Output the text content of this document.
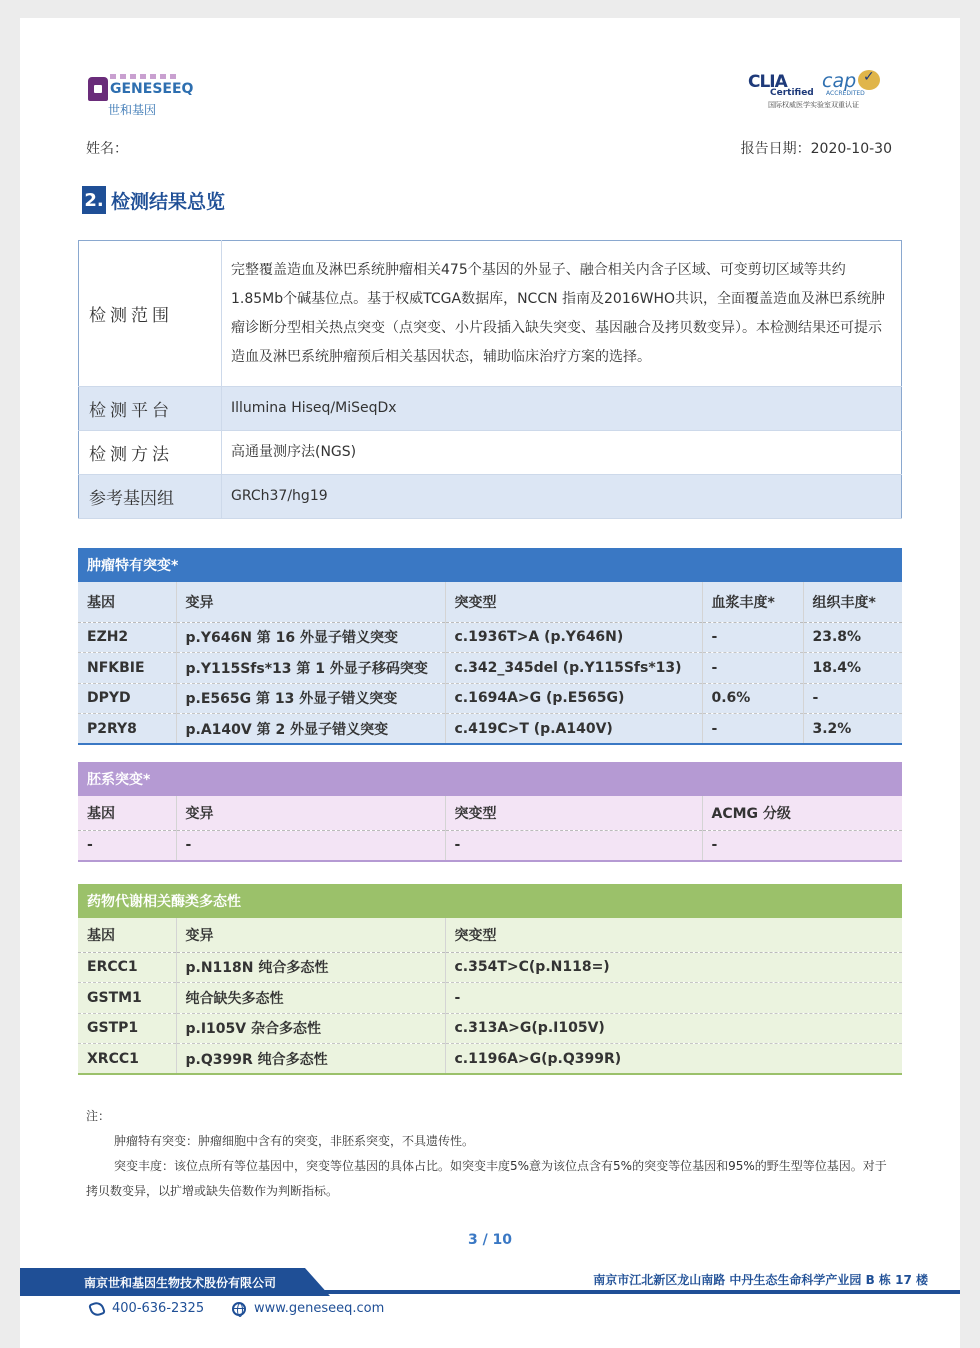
GENESEEQ
世和基因
CLIA
Certified
cap
✓
ACCREDITED
国际权威医学实验室双重认证
姓名：	报告日期：2020-10-30
2. 检测结果总览
检测范围	完整覆盖造血及淋巴系统肿瘤相关475个基因的外显子、融合相关内含子区域、可变剪切区域等共约1.85Mb个碱基位点。基于权威TCGA数据库，NCCN 指南及2016WHO共识，全面覆盖造血及淋巴系统肿瘤诊断分型相关热点突变（点突变、小片段插入缺失突变、基因融合及拷贝数变异）。本检测结果还可提示造血及淋巴系统肿瘤预后相关基因状态，辅助临床治疗方案的选择。
检测平台	Illumina Hiseq/MiSeqDx
检测方法	高通量测序法(NGS)
参考基因组	GRCh37/hg19
肿瘤特有突变*				
基因	变异	突变型	血浆丰度*	组织丰度*
EZH2	p.Y646N 第 16 外显子错义突变	c.1936T>A (p.Y646N)	-	23.8%
NFKBIE	p.Y115Sfs*13 第 1 外显子移码突变	c.342_345del (p.Y115Sfs*13)	-	18.4%
DPYD	p.E565G 第 13 外显子错义突变	c.1694A>G (p.E565G)	0.6%	-
P2RY8	p.A140V 第 2 外显子错义突变	c.419C>T (p.A140V)	-	3.2%
胚系突变*			
基因	变异	突变型	ACMG 分级
-	-	-	-
药物代谢相关酶类多态性		
基因	变异	突变型
ERCC1	p.N118N 纯合多态性	c.354T>C(p.N118=)
GSTM1	纯合缺失多态性	-
GSTP1	p.I105V 杂合多态性	c.313A>G(p.I105V)
XRCC1	p.Q399R 纯合多态性	c.1196A>G(p.Q399R)
注：
肿瘤特有突变：肿瘤细胞中含有的突变，非胚系突变，不具遗传性。
突变丰度：该位点所有等位基因中，突变等位基因的具体占比。如突变丰度5%意为该位点含有5%的突变等位基因和95%的野生型等位基因。对于拷贝数变异，以扩增或缺失倍数作为判断指标。
3 / 10
南京世和基因生物技术股份有限公司	南京市江北新区龙山南路 中丹生态生命科学产业园 B 栋 17 楼
400-636-2325	www.geneseeq.com
